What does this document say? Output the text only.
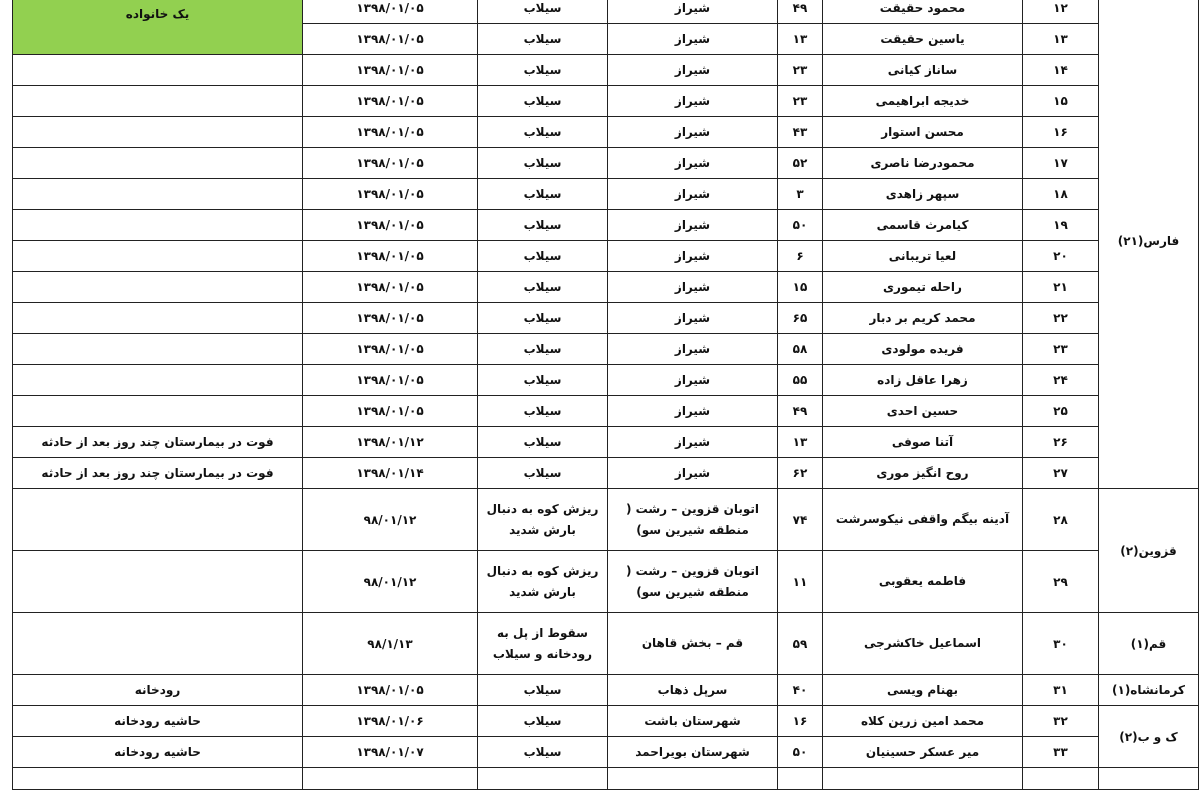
فارس(۲۱)	۱۲	محمود حقیقت	۴۹	شیراز	سیلاب	۱۳۹۸/۰۱/۰۵	یک خانواده
	۱۳	یاسین حقیقت	۱۳	شیراز	سیلاب	۱۳۹۸/۰۱/۰۵	
	۱۴	ساناز کیانی	۲۳	شیراز	سیلاب	۱۳۹۸/۰۱/۰۵	
	۱۵	خدیجه ابراهیمی	۲۳	شیراز	سیلاب	۱۳۹۸/۰۱/۰۵	
	۱۶	محسن استوار	۴۳	شیراز	سیلاب	۱۳۹۸/۰۱/۰۵	
	۱۷	محمودرضا ناصری	۵۲	شیراز	سیلاب	۱۳۹۸/۰۱/۰۵	
	۱۸	سپهر زاهدی	۳	شیراز	سیلاب	۱۳۹۸/۰۱/۰۵	
	۱۹	کیامرث قاسمی	۵۰	شیراز	سیلاب	۱۳۹۸/۰۱/۰۵	
	۲۰	لعیا تریبانی	۶	شیراز	سیلاب	۱۳۹۸/۰۱/۰۵	
	۲۱	راحله تیموری	۱۵	شیراز	سیلاب	۱۳۹۸/۰۱/۰۵	
	۲۲	محمد کریم بر دبار	۶۵	شیراز	سیلاب	۱۳۹۸/۰۱/۰۵	
	۲۳	فریده مولودی	۵۸	شیراز	سیلاب	۱۳۹۸/۰۱/۰۵	
	۲۴	زهرا عاقل زاده	۵۵	شیراز	سیلاب	۱۳۹۸/۰۱/۰۵	
	۲۵	حسین احدی	۴۹	شیراز	سیلاب	۱۳۹۸/۰۱/۰۵	
	۲۶	آتنا صوفی	۱۳	شیراز	سیلاب	۱۳۹۸/۰۱/۱۲	فوت در بیمارستان چند روز بعد از حادثه
	۲۷	روح انگیز موری	۶۲	شیراز	سیلاب	۱۳۹۸/۰۱/۱۴	فوت در بیمارستان چند روز بعد از حادثه
قزوین(۲)	۲۸	آدینه بیگم واقفی نیکوسرشت	۷۴	اتوبان قزوین – رشت ( منطقه شیرین سو)	ریزش کوه به دنبال بارش شدید	۹۸/۰۱/۱۲	
	۲۹	فاطمه یعقوبی	۱۱	اتوبان قزوین – رشت ( منطقه شیرین سو)	ریزش کوه به دنبال بارش شدید	۹۸/۰۱/۱۲	
قم(۱)	۳۰	اسماعیل خاکشرجی	۵۹	قم – بخش قاهان	سقوط از پل به رودخانه و سیلاب	۹۸/۱/۱۳	
کرمانشاه(۱)	۳۱	بهنام ویسی	۴۰	سرپل ذهاب	سیلاب	۱۳۹۸/۰۱/۰۵	رودخانه
ک و ب(۲)	۳۲	محمد امین زرین کلاه	۱۶	شهرستان باشت	سیلاب	۱۳۹۸/۰۱/۰۶	حاشیه رودخانه
	۳۳	میر عسکر حسینیان	۵۰	شهرستان بویراحمد	سیلاب	۱۳۹۸/۰۱/۰۷	حاشیه رودخانه
